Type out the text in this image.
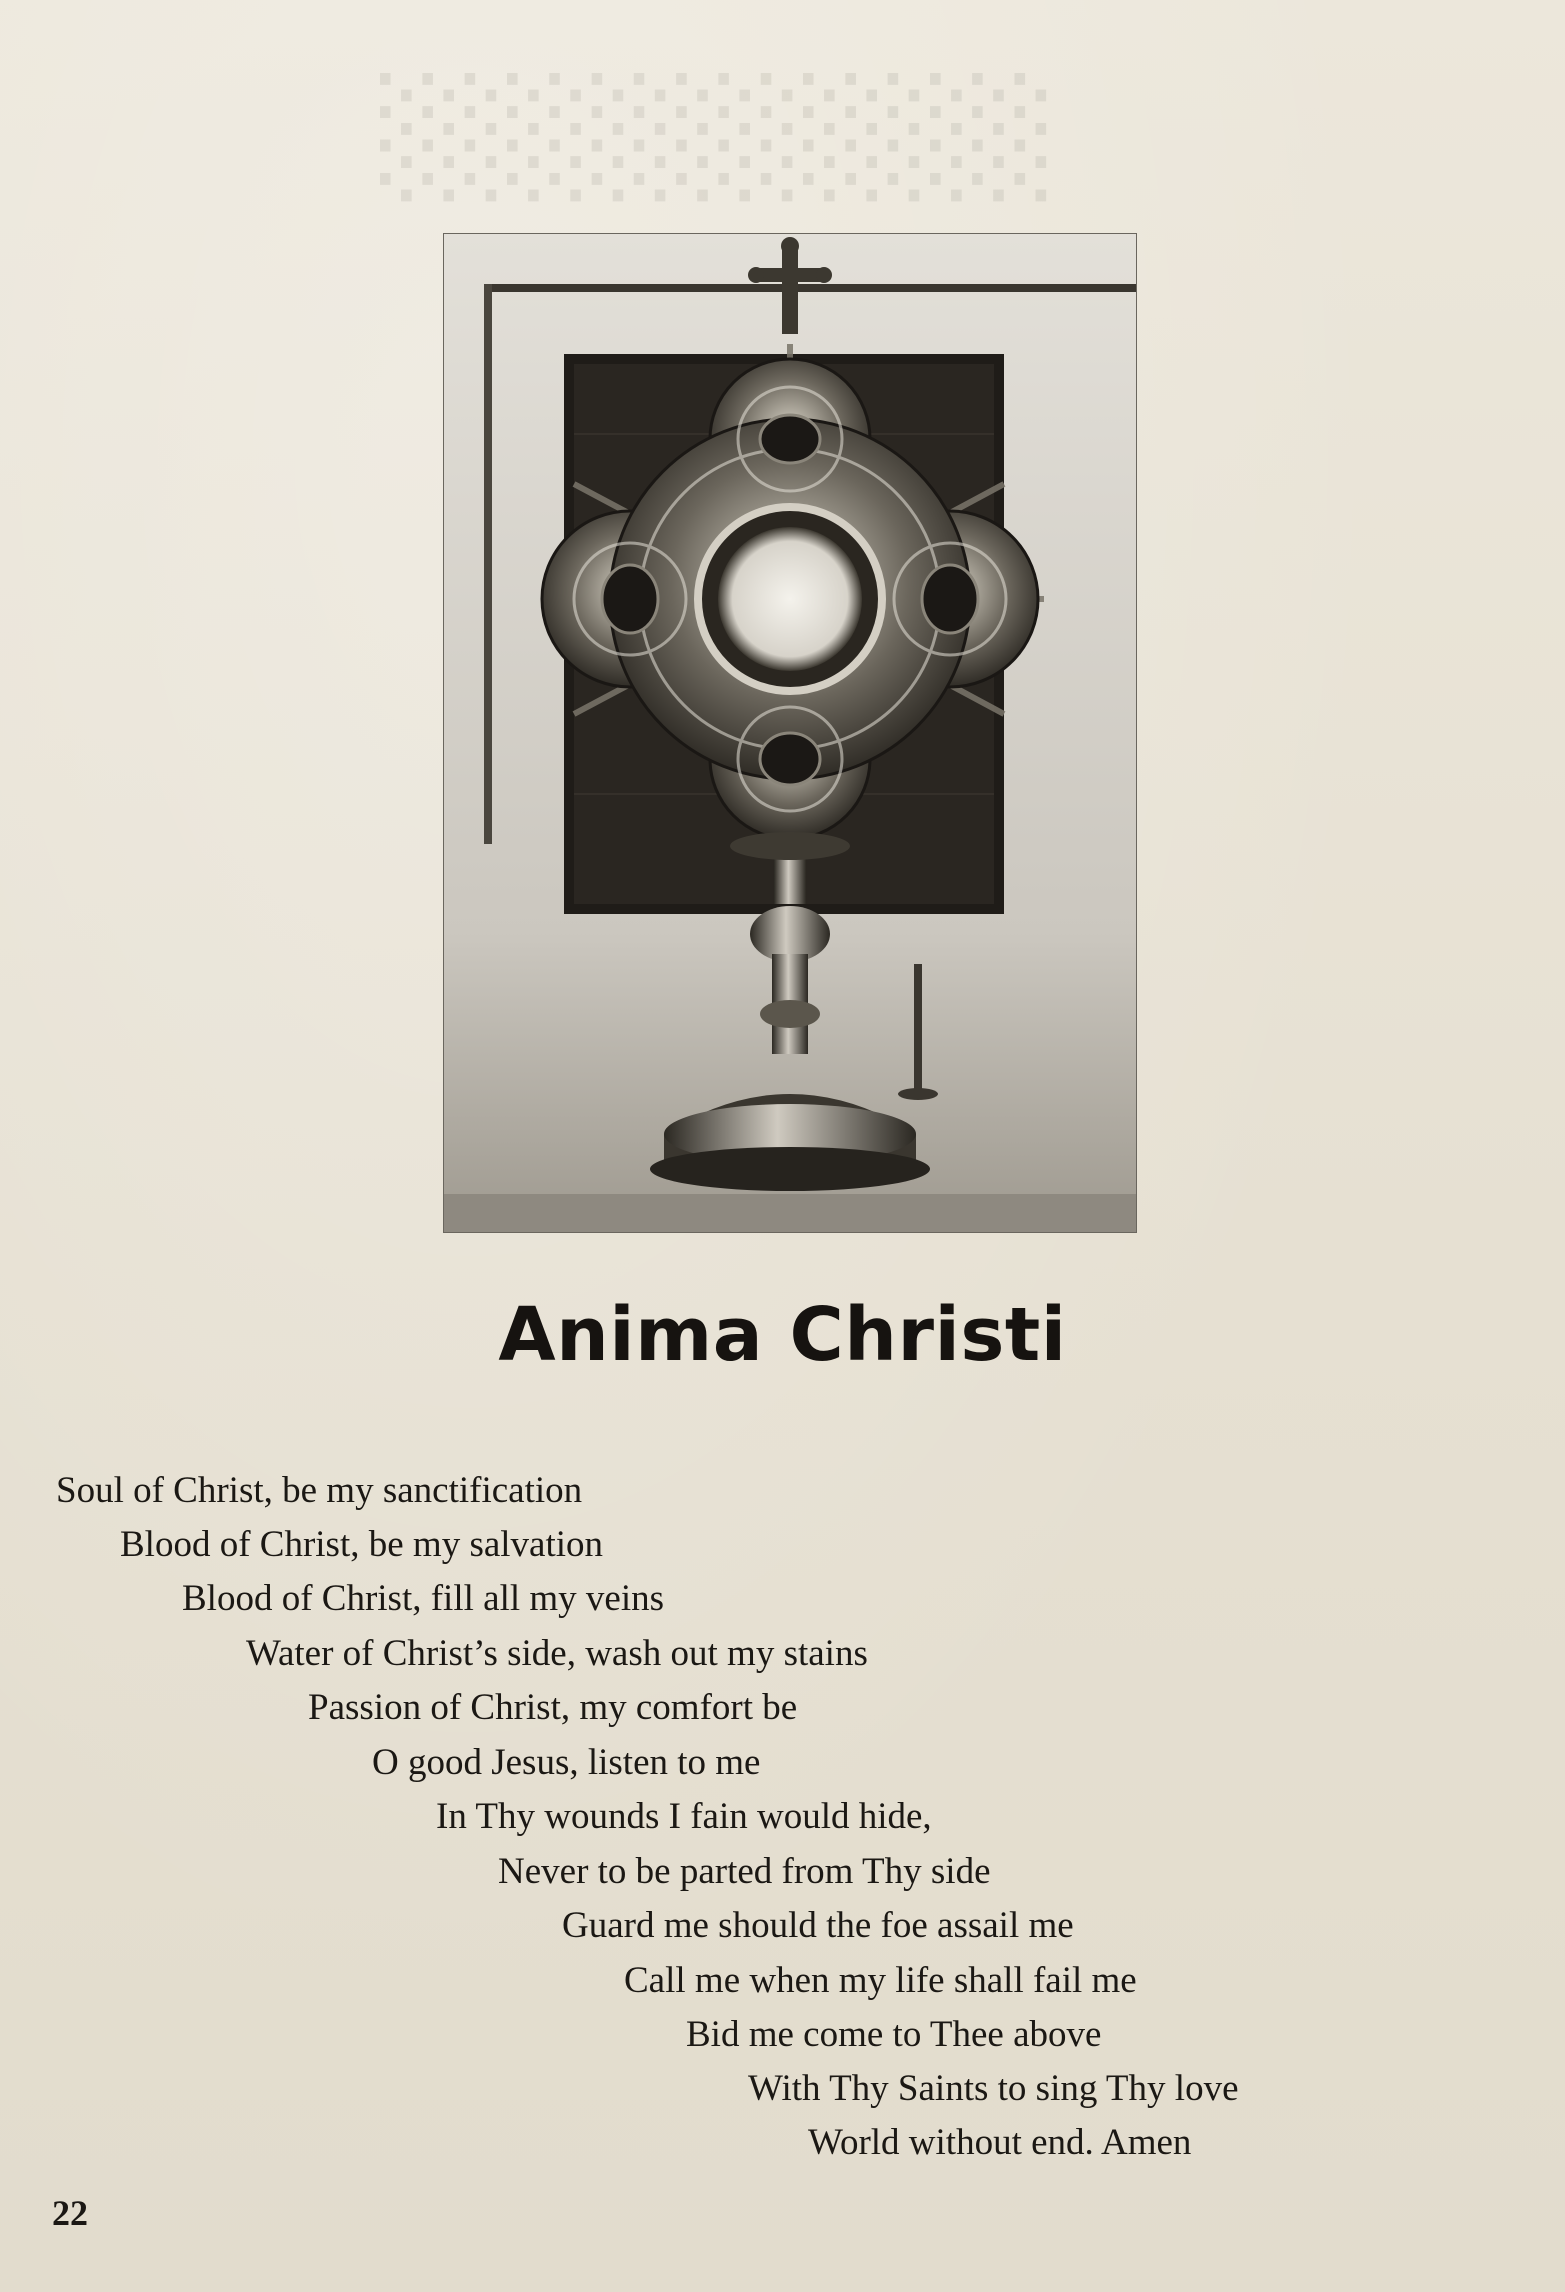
░░░░░░░░
Anima Christi
Soul of Christ, be my sanctification
Blood of Christ, be my salvation
Blood of Christ, fill all my veins
Water of Christ’s side, wash out my stains
Passion of Christ, my comfort be
O good Jesus, listen to me
In Thy wounds I fain would hide,
Never to be parted from Thy side
Guard me should the foe assail me
Call me when my life shall fail me
Bid me come to Thee above
With Thy Saints to sing Thy love
World without end. Amen
22
